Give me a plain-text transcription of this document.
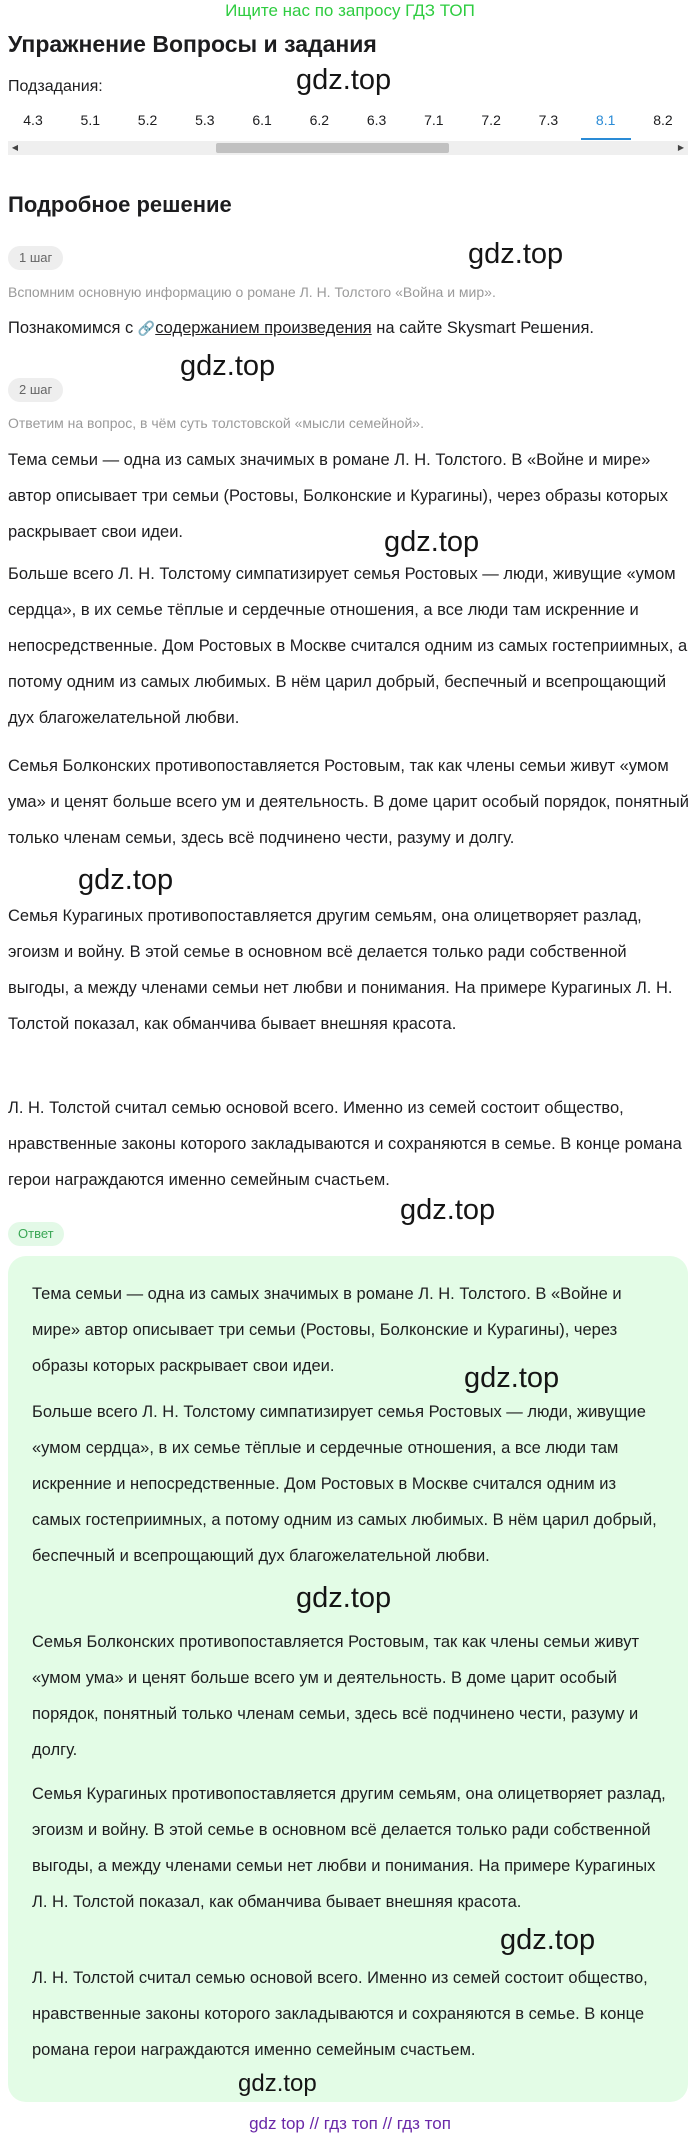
Ищите нас по запросу ГДЗ ТОП
Упражнение Вопросы и задания
Подзадания:
4.3	5.1	5.2	5.3	6.1	6.2	6.3	7.1	7.2	7.3	8.1	8.2
◀	▶
Подробное решение
1 шаг

Вспомним основную информацию о романе Л. Н. Толстого «Война и мир».

Познакомимся с 🔗содержанием произведения на сайте Skysmart Решения.

2 шаг

Ответим на вопрос, в чём суть толстовской «мысли семейной».

Тема семьи — одна из самых значимых в романе Л. Н. Толстого. В «Войне и мире» автор описывает три семьи (Ростовы, Болконские и Курагины), через образы которых раскрывает свои идеи.

Больше всего Л. Н. Толстому симпатизирует семья Ростовых — люди, живущие «умом сердца», в их семье тёплые и сердечные отношения, а все люди там искренние и непосредственные. Дом Ростовых в Москве считался одним из самых гостеприимных, а потому одним из самых любимых. В нём царил добрый, беспечный и всепрощающий дух благожелательной любви.

Семья Болконских противопоставляется Ростовым, так как члены семьи живут «умом ума» и ценят больше всего ум и деятельность. В доме царит особый порядок, понятный только членам семьи, здесь всё подчинено чести, разуму и долгу.

Семья Курагиных противопоставляется другим семьям, она олицетворяет разлад, эгоизм и войну. В этой семье в основном всё делается только ради собственной выгоды, а между членами семьи нет любви и понимания. На примере Курагиных Л. Н. Толстой показал, как обманчива бывает внешняя красота.

Л. Н. Толстой считал семью основой всего. Именно из семей состоит общество, нравственные законы которого закладываются и сохраняются в семье. В конце романа герои награждаются именно семейным счастьем.

Ответ

Тема семьи — одна из самых значимых в романе Л. Н. Толстого. В «Войне и мире» автор описывает три семьи (Ростовы, Болконские и Курагины), через образы которых раскрывает свои идеи.

Больше всего Л. Н. Толстому симпатизирует семья Ростовых — люди, живущие «умом сердца», в их семье тёплые и сердечные отношения, а все люди там искренние и непосредственные. Дом Ростовых в Москве считался одним из самых гостеприимных, а потому одним из самых любимых. В нём царил добрый, беспечный и всепрощающий дух благожелательной любви.

Семья Болконских противопоставляется Ростовым, так как члены семьи живут «умом ума» и ценят больше всего ум и деятельность. В доме царит особый порядок, понятный только членам семьи, здесь всё подчинено чести, разуму и долгу.

Семья Курагиных противопоставляется другим семьям, она олицетворяет разлад, эгоизм и войну. В этой семье в основном всё делается только ради собственной выгоды, а между членами семьи нет любви и понимания. На примере Курагиных Л. Н. Толстой показал, как обманчива бывает внешняя красота.

Л. Н. Толстой считал семью основой всего. Именно из семей состоит общество, нравственные законы которого закладываются и сохраняются в семье. В конце романа герои награждаются именно семейным счастьем.

gdz.top
gdz.top
gdz.top
gdz.top
gdz.top
gdz.top
gdz.top
gdz.top
gdz.top
gdz.top
gdz top // гдз топ // гдз топ
